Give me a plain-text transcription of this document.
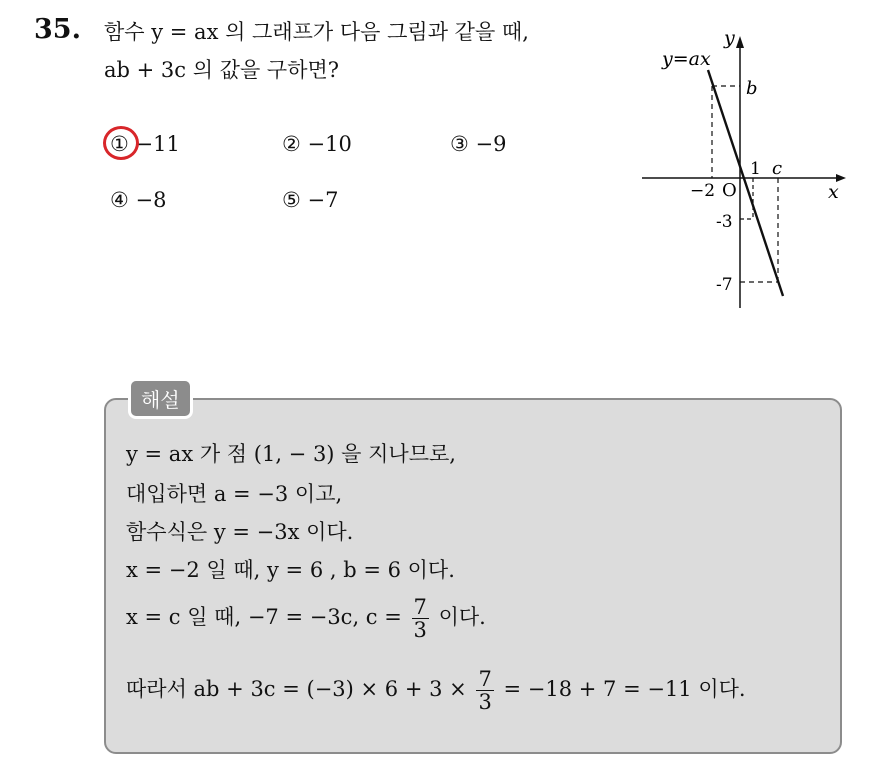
35. 함수 y = ax 의 그래프가 다음 그림과 같을 때,
ab + 3c 의 값을 구하면?
① −11	② −10	③ −9
④ −8	⑤ −7
y=ax
y
x
O
b
1 c
−2
-3
-7
해설
y = ax 가 점 (1, − 3) 을 지나므로,
대입하면 a = −3 이고,
함수식은 y = −3x 이다.
x = −2 일 때, y = 6 , b = 6 이다.
x = c 일 때, −7 = −3c, $c = \frac{7}{3}$ 이다.
따라서 ab + $3c = (-3) \times 6 + 3 \times \frac{7}{3} = -18 + 7 = -11$ 이다.
